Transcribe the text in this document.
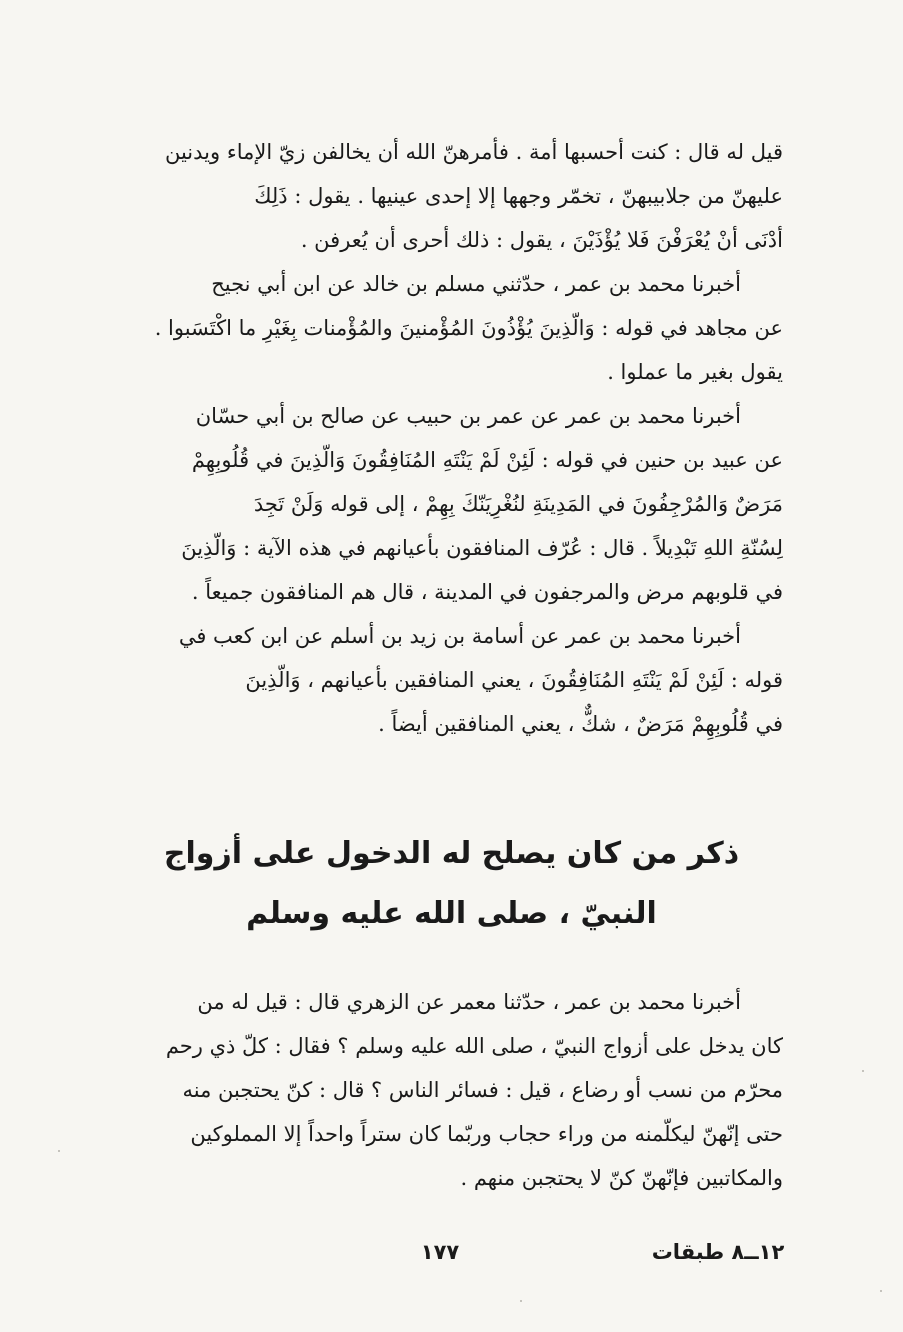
قيل له قال : كنت أحسبها أمة . فأمرهنّ الله أن يخالفن زيّ الإماء ويدنين
عليهنّ من جلابيبهنّ ، تخمّر وجهها إلا إحدى عينيها . يقول : ذَلِكَ
أدْنَى أنْ يُعْرَفْنَ فَلا يُؤْذَيْنَ ، يقول : ذلك أحرى أن يُعرفن .
أخبرنا محمد بن عمر ، حدّثني مسلم بن خالد عن ابن أبي نجيح
عن مجاهد في قوله : وَالّذِينَ يُؤْذُونَ المُؤْمنينَ والمُؤْمنات بِغَيْرِ ما اكْتَسَبوا .
يقول بغير ما عملوا .
أخبرنا محمد بن عمر عن عمر بن حبيب عن صالح بن أبي حسّان
عن عبيد بن حنين في قوله : لَئِنْ لَمْ يَنْتَهِ المُنَافِقُونَ وَالّذِينَ في قُلُوبِهِمْ
مَرَضٌ وَالمُرْجِفُونَ في المَدِينَةِ لنُغْرِيَنّكَ بِهِمْ ، إلى قوله وَلَنْ تَجِدَ
لِسُنّةِ اللهِ تَبْدِيلاً . قال : عُرّف المنافقون بأعيانهم في هذه الآية : وَالّذِينَ
في قلوبهم مرض والمرجفون في المدينة ، قال هم المنافقون جميعاً .
أخبرنا محمد بن عمر عن أسامة بن زيد بن أسلم عن ابن كعب في
قوله : لَئِنْ لَمْ يَنْتَهِ المُنَافِقُونَ ، يعني المنافقين بأعيانهم ، وَالّذِينَ
في قُلُوبِهِمْ مَرَضٌ ، شكٌّ ، يعني المنافقين أيضاً .
ذكر من كان يصلح له الدخول على أزواج
النبيّ ، صلى الله عليه وسلم
أخبرنا محمد بن عمر ، حدّثنا معمر عن الزهري قال : قيل له من
كان يدخل على أزواج النبيّ ، صلى الله عليه وسلم ؟ فقال : كلّ ذي رحم
محرّم من نسب أو رضاع ، قيل : فسائر الناس ؟ قال : كنّ يحتجبن منه
حتى إنّهنّ ليكلّمنه من وراء حجاب وربّما كان ستراً واحداً إلا المملوكين
والمكاتبين فإنّهنّ كنّ لا يحتجبن منهم .
١٧٧	١٢ــ٨ طبقات
